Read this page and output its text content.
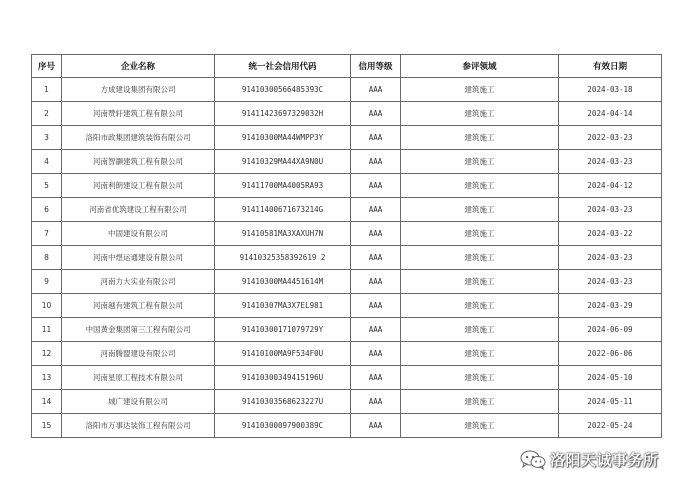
序号	企业名称	统一社会信用代码	信用等级	参评领域	有效日期
1	方成建设集团有限公司	91410300566485393C	AAA	建筑施工	2024-03-18
2	河南赞轩建筑工程有限公司	91411423697329032H	AAA	建筑施工	2024-04-14
3	洛阳市政集团建筑装饰有限公司	91410300MA44WMPP3Y	AAA	建筑施工	2022-03-23
4	河南智灏建筑工程有限公司	91410329MA44XA9N0U	AAA	建筑施工	2024-03-23
5	河南利朗建设工程有限公司	91411700MA4005RA93	AAA	建筑施工	2024-04-12
6	河南省优筑建设工程有限公司	91411400671673214G	AAA	建筑施工	2024-03-23
7	中固建设有限公司	91410581MA3XAXUH7N	AAA	建筑施工	2024-03-22
8	河南中煜运通建设有限公司	91410325358392619 2	AAA	建筑施工	2024-03-23
9	河南力大实业有限公司	91410300MA4451614M	AAA	建筑施工	2024-03-23
10	河南越有建筑工程有限公司	91410307MA3X7EL981	AAA	建筑施工	2024-03-29
11	中国黄金集团第三工程有限公司	91410300171079729Y	AAA	建筑施工	2024-06-09
12	河南腾盟建设有限公司	91410100MA9F534F0U	AAA	建筑施工	2022-06-06
13	河南星原工程技术有限公司	91410300349415196U	AAA	建筑施工	2024-05-10
14	城广建设有限公司	91410303568623227U	AAA	建筑施工	2024-05-11
15	洛阳市万事达装饰工程有限公司	91410300097900389C	AAA	建筑施工	2022-05-24
洛阳天诚事务所
